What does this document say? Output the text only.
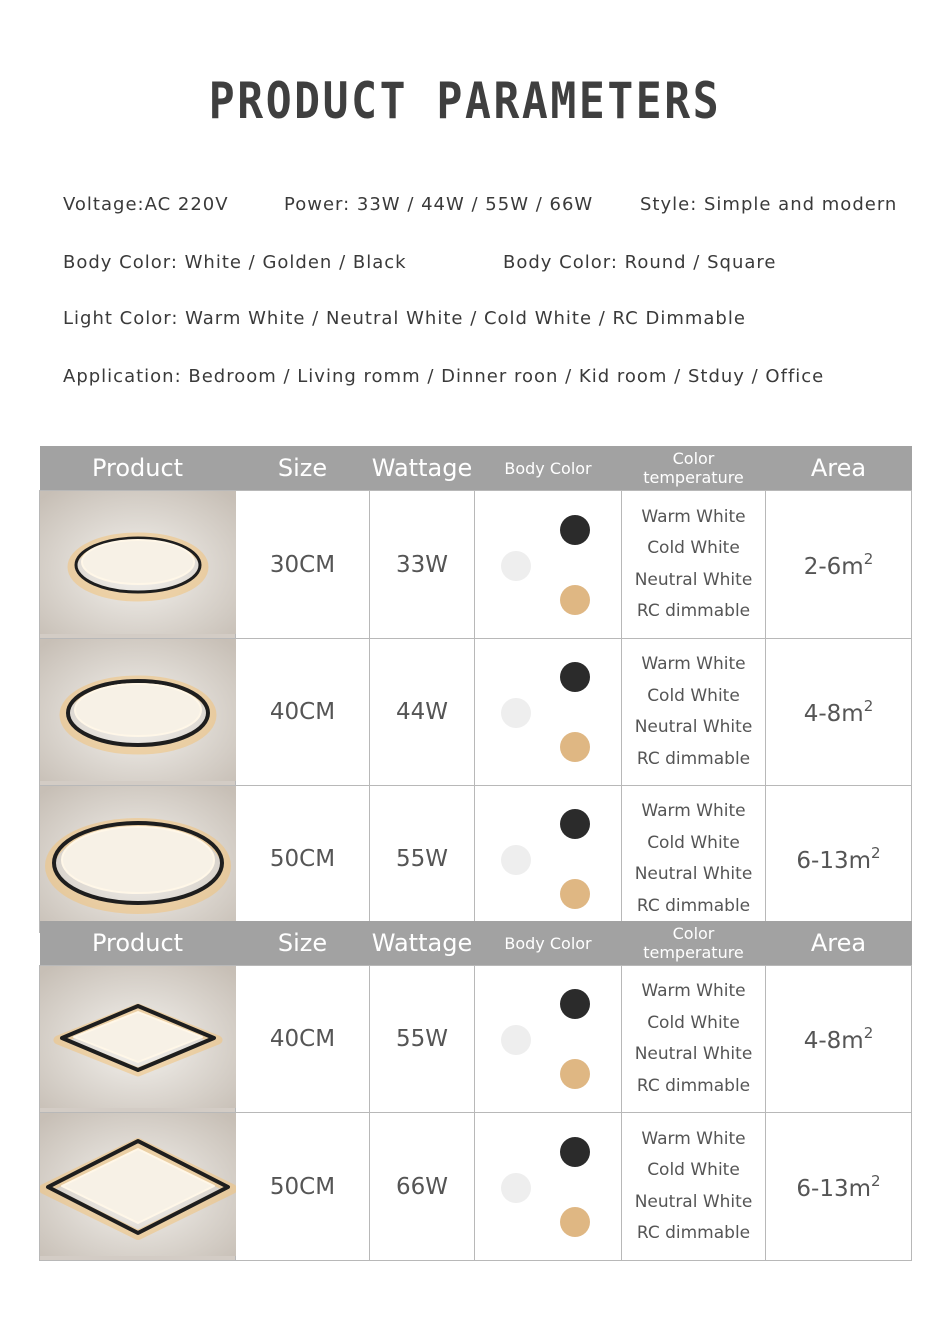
PRODUCT PARAMETERS
Voltage:AC 220V	Power: 33W / 44W / 55W / 66W	Style: Simple and modern
Body Color: White / Golden / Black	Body Color: Round / Square
Light Color: Warm White / Neutral White / Cold White / RC Dimmable
Application: Bedroom / Living romm / Dinner roon / Kid room / Stduy / Office
Product	Size	Wattage	Body Color	Color temperature	Area
	30CM	33W		Warm White
Cold White
Neutral White
RC dimmable	$2-6m^2$
	40CM	44W		Warm White
Cold White
Neutral White
RC dimmable	$4-8m^2$
	50CM	55W		Warm White
Cold White
Neutral White
RC dimmable	$6-13m^2$
Product	Size	Wattage	Body Color	Color temperature	Area
	40CM	55W		Warm White
Cold White
Neutral White
RC dimmable	$4-8m^2$
	50CM	66W		Warm White
Cold White
Neutral White
RC dimmable	$6-13m^2$
